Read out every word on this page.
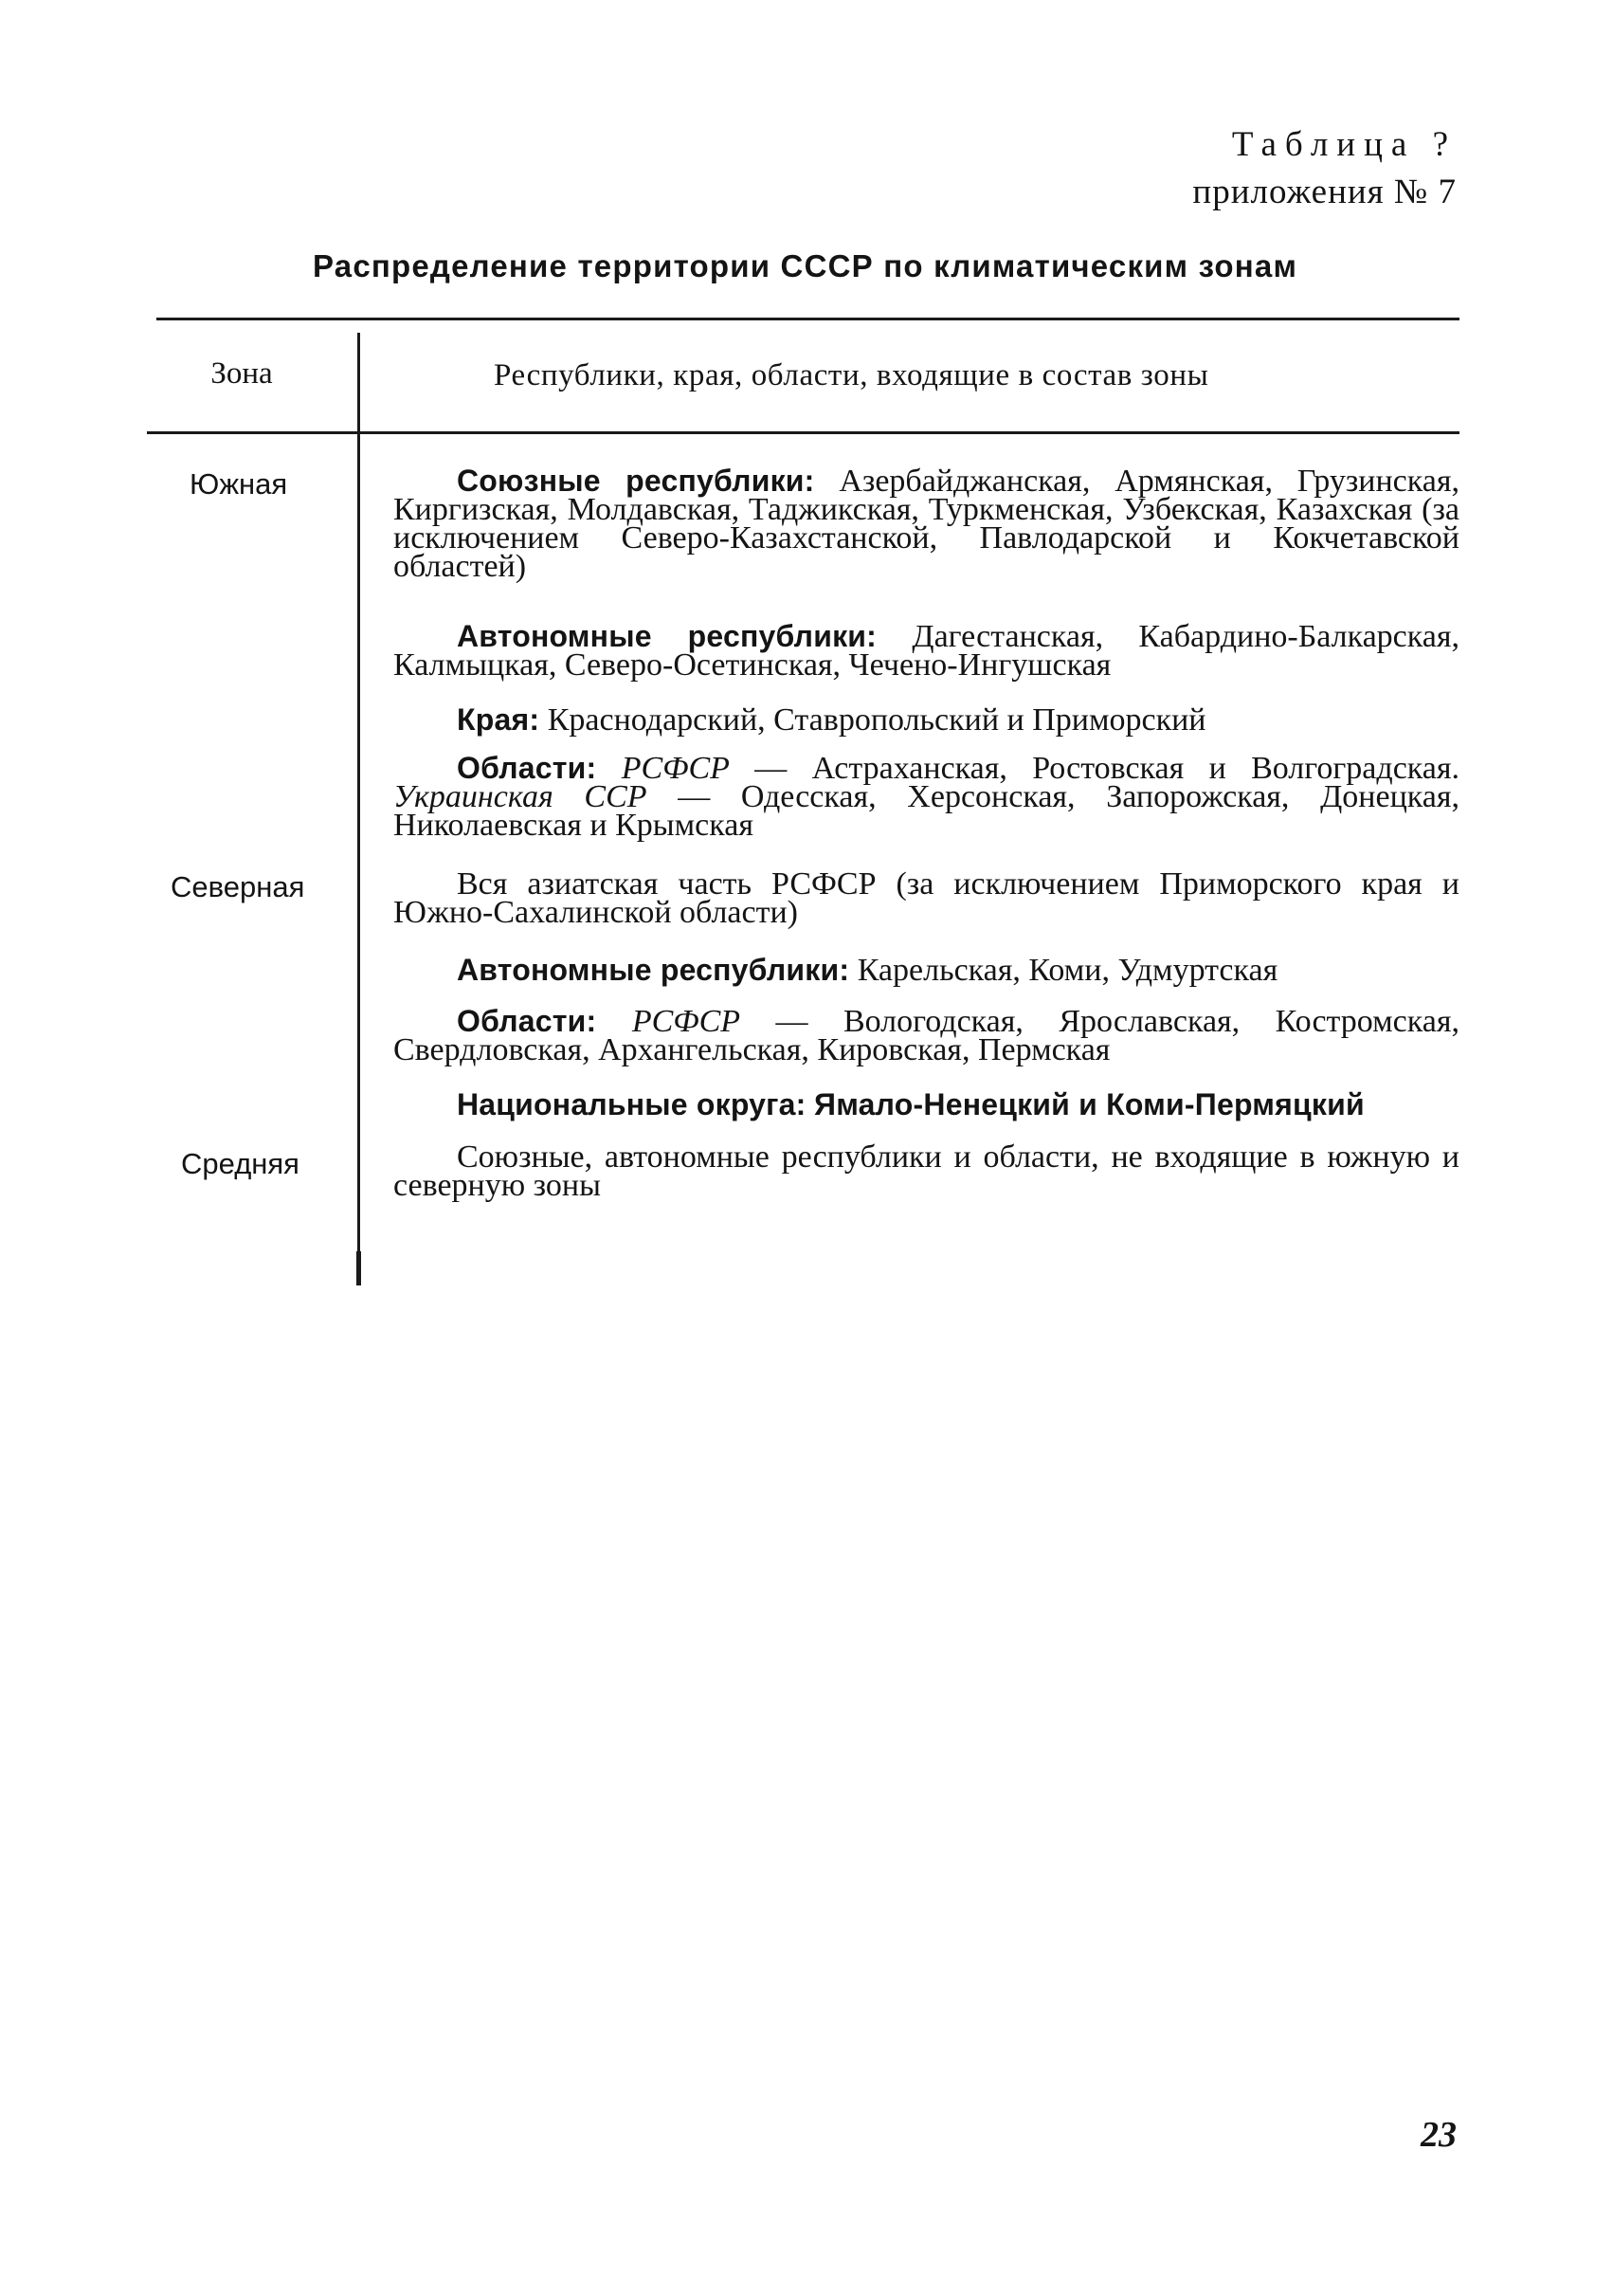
Таблица ?
приложения № 7
Распределение территории СССР по климатическим зонам
Зона	Республики, края, области, входящие в состав зоны
Южная
Северная
Средняя
Союзные республики: Азербайджанская, Армянская, Грузинская, Киргизская, Молдавская, Таджикская, Туркменская, Узбекская, Казахская (за исключением Северо-Казахстанской, Павлодарской и Кокчетавской областей)
Автономные республики: Дагестанская, Кабардино-Балкарская, Калмыцкая, Северо-Осетинская, Чечено-Ингушская
Края: Краснодарский, Ставропольский и Приморский
Области: РСФСР — Астраханская, Ростовская и Волгоградская. Украинская ССР — Одесская, Херсонская, Запорожская, Донецкая, Николаевская и Крымская
Вся азиатская часть РСФСР (за исключением Приморского края и Южно-Сахалинской области)
Автономные республики: Карельская, Коми, Удмуртская
Области: РСФСР — Вологодская, Ярославская, Костромская, Свердловская, Архангельская, Кировская, Пермская
Национальные округа: Ямало-Ненецкий и Коми-Пермяцкий
Союзные, автономные республики и области, не входящие в южную и северную зоны
23
